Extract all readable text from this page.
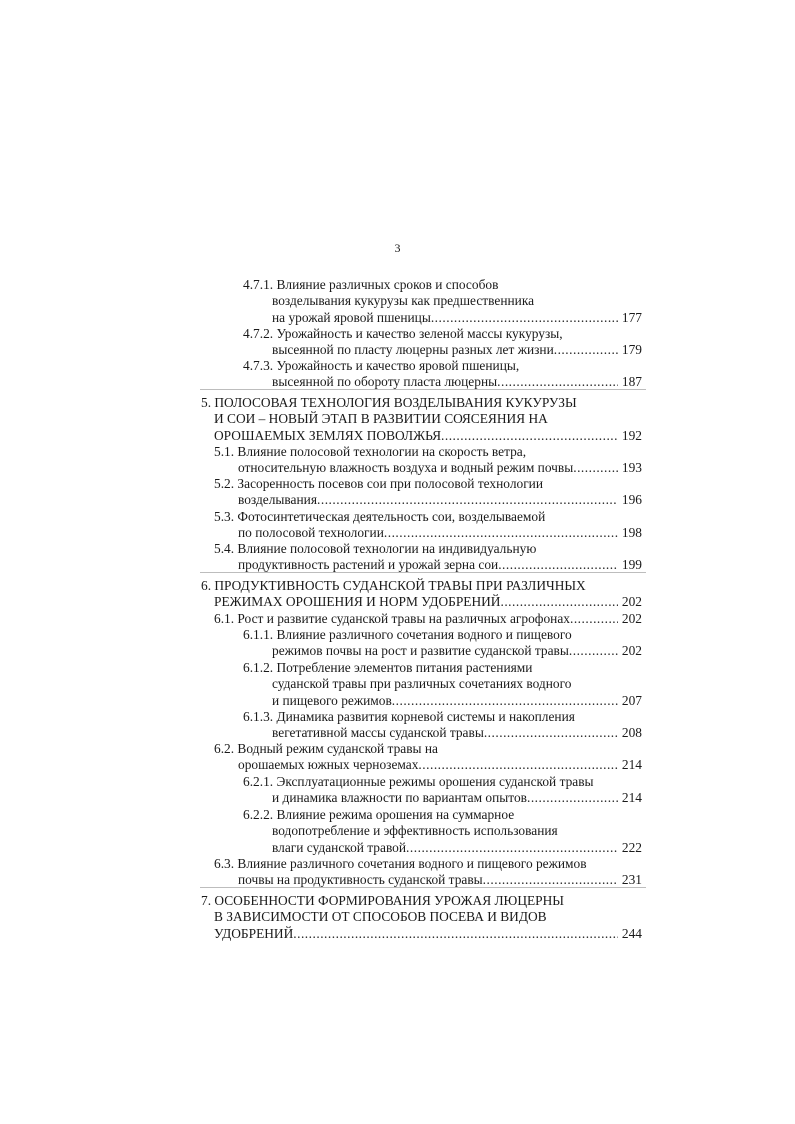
3
4.7.1. Влияние различных сроков и способов
возделывания кукурузы как предшественника
на урожай яровой пшеницы .....	177
4.7.2. Урожайность и качество зеленой массы кукурузы,
высеянной по пласту люцерны разных лет жизни .....	179
4.7.3. Урожайность и качество яровой пшеницы,
высеянной по обороту пласта люцерны .....	187
5. ПОЛОСОВАЯ ТЕХНОЛОГИЯ ВОЗДЕЛЫВАНИЯ КУКУРУЗЫ
И СОИ – НОВЫЙ ЭТАП В РАЗВИТИИ СОЯСЕЯНИЯ НА
ОРОШАЕМЫХ ЗЕМЛЯХ ПОВОЛЖЬЯ .....	192
5.1. Влияние полосовой технологии на скорость ветра,
относительную влажность воздуха и водный режим почвы .....	193
5.2. Засоренность посевов сои при полосовой технологии
возделывания .....	196
5.3. Фотосинтетическая деятельность сои, возделываемой
по полосовой технологии .....	198
5.4. Влияние полосовой технологии на индивидуальную
продуктивность растений и урожай зерна сои .....	199
6. ПРОДУКТИВНОСТЬ СУДАНСКОЙ ТРАВЫ ПРИ РАЗЛИЧНЫХ
РЕЖИМАХ ОРОШЕНИЯ И НОРМ УДОБРЕНИЙ .....	202
6.1. Рост и развитие суданской травы на различных агрофонах .....	202
6.1.1. Влияние различного сочетания водного и пищевого
режимов почвы на рост и развитие суданской травы .....	202
6.1.2. Потребление элементов питания растениями
суданской травы при различных сочетаниях водного
и пищевого режимов .....	207
6.1.3. Динамика развития корневой системы и накопления
вегетативной массы суданской травы .....	208
6.2. Водный режим суданской травы на
орошаемых южных черноземах .....	214
6.2.1. Эксплуатационные режимы орошения суданской травы
и динамика влажности по вариантам опытов .....	214
6.2.2. Влияние режима орошения на суммарное
водопотребление и эффективность использования
влаги суданской травой .....	222
6.3. Влияние различного сочетания водного и пищевого режимов
почвы на продуктивность суданской травы .....	231
7. ОСОБЕННОСТИ ФОРМИРОВАНИЯ УРОЖАЯ ЛЮЦЕРНЫ
В ЗАВИСИМОСТИ ОТ СПОСОБОВ ПОСЕВА И ВИДОВ
УДОБРЕНИЙ .....	244
